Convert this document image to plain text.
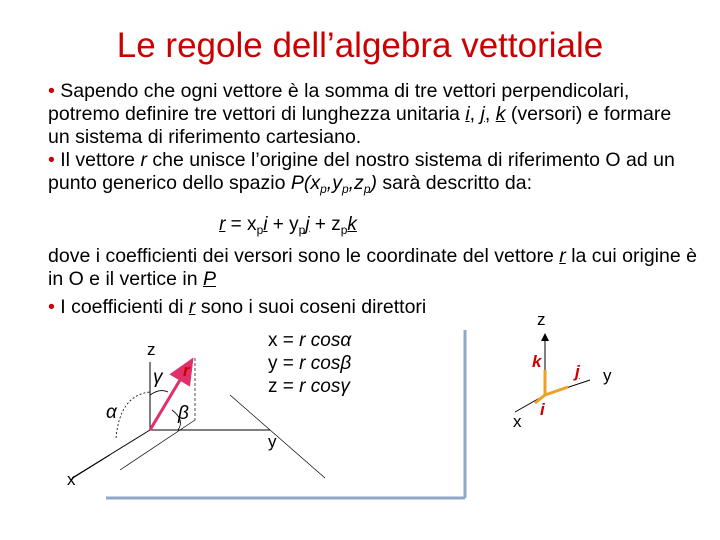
Le regole dell’algebra vettoriale
• Sapendo che ogni vettore è la somma di tre vettori perpendicolari, potremo definire tre vettori di lunghezza unitaria i, j, k (versori) e formare un sistema di riferimento cartesiano.
• Il vettore r che unisce l’origine del nostro sistema di riferimento O ad un punto generico dello spazio $P(x_p,y_p,z_p)$ sarà descritto da:
$r = x_pi + y_pj + z_pk$
dove i coefficienti dei versori sono le coordinate del vettore r la cui origine è in O e il vertice in P
• I coefficienti di r sono i suoi coseni direttori
x = r cosα
y = r cosβ
z = r cosγ
z
x
y
r
α	β
γ
z
x
y
k
j
i
